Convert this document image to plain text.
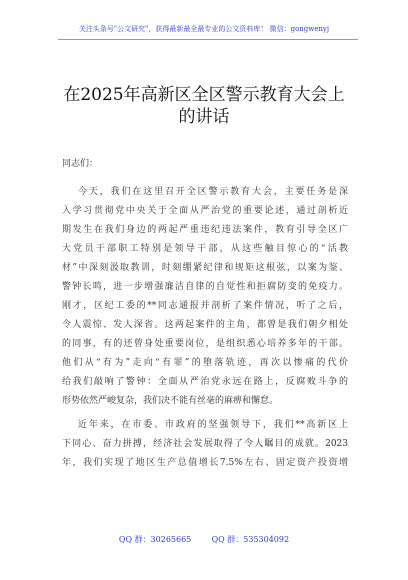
关注头条号"公文研究"，获得最新最全最专业的公文资料库！ 微信：gongwenyj
在2025年高新区全区警示教育大会上
的讲话
同志们：
今天，我们在这里召开全区警示教育大会，主要任务是深
入学习贯彻党中央关于全面从严治党的重要论述，通过剖析近
期发生在我们身边的两起严重违纪违法案件，教育引导全区广
大党员干部职工特别是领导干部，从这些触目惊心的“活教
材”中深刻汲取教训，时刻绷紧纪律和规矩这根弦，以案为鉴、
警钟长鸣，进一步增强廉洁自律的自觉性和拒腐防变的免疫力。
刚才，区纪工委的**同志通报并剖析了案件情况，听了之后，
令人震惊、发人深省。这两起案件的主角，都曾是我们朝夕相处
的同事，有的还曾身处重要岗位，是组织悉心培养多年的干部。
他们从“有为”走向“有罪”的堕落轨迹，再次以惨痛的代价
给我们敲响了警钟：全面从严治党永远在路上，反腐败斗争的
形势依然严峻复杂，我们决不能有丝毫的麻痹和懈怠。
近年来，在市委、市政府的坚强领导下，我们**高新区上
下同心、奋力拼搏，经济社会发展取得了令人瞩目的成就。2023
年，我们实现了地区生产总值增长7.5%左右、固定资产投资增
QQ 群：30265665        QQ 群：535304092
